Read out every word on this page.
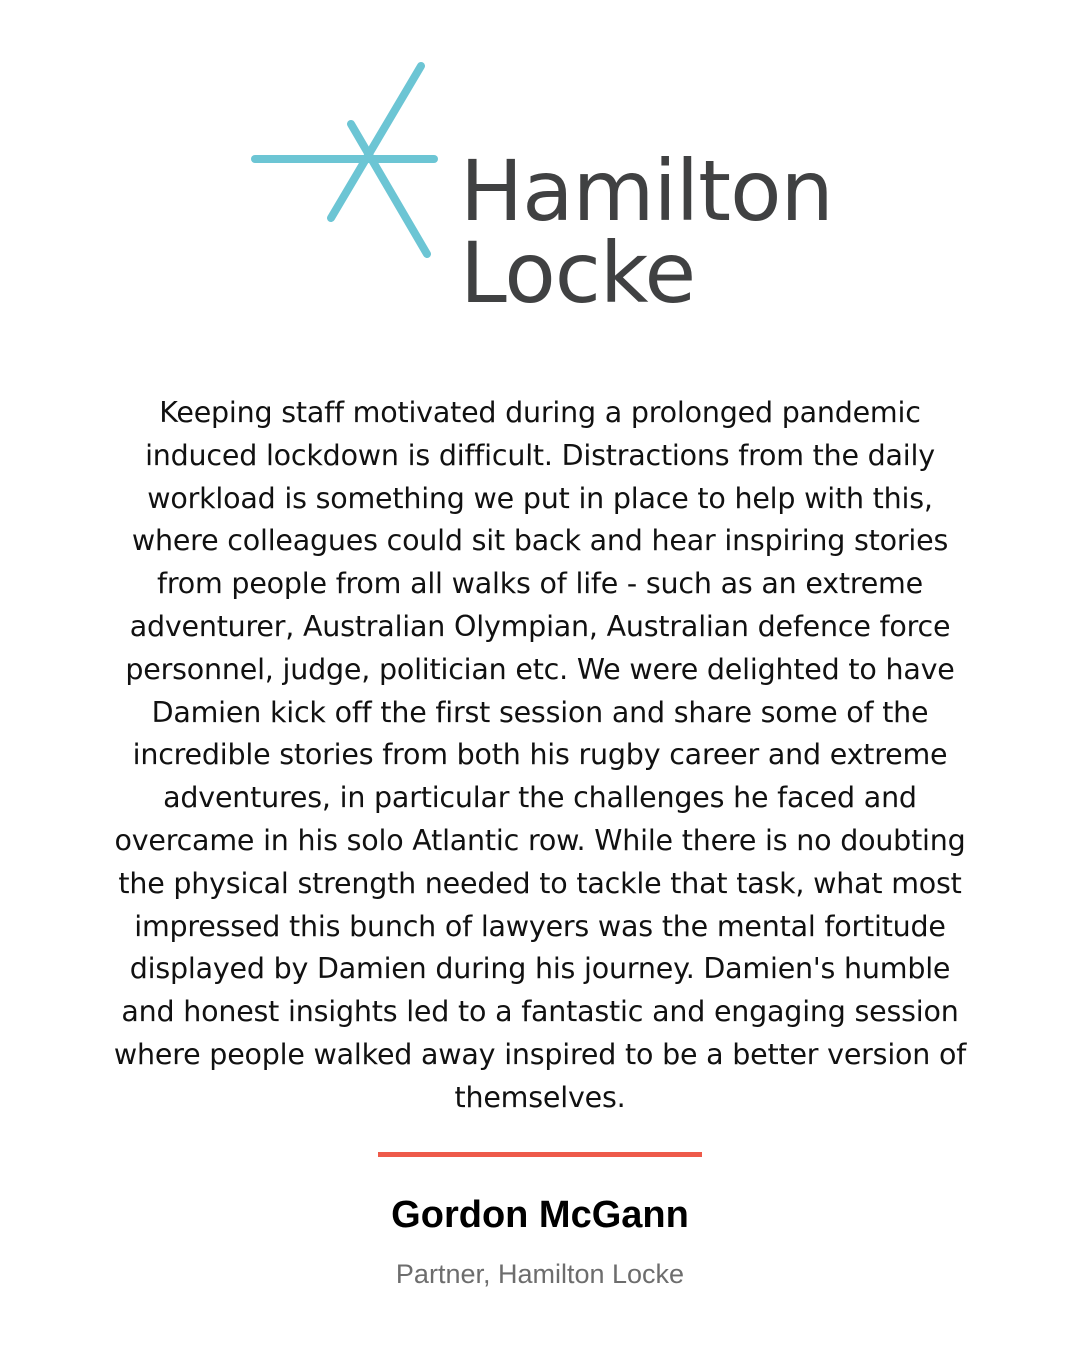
Hamilton
Locke

Keeping staff motivated during a prolonged pandemic induced lockdown is difficult. Distractions from the daily workload is something we put in place to help with this, where colleagues could sit back and hear inspiring stories from people from all walks of life - such as an extreme adventurer, Australian Olympian, Australian defence force personnel, judge, politician etc. We were delighted to have Damien kick off the first session and share some of the incredible stories from both his rugby career and extreme adventures, in particular the challenges he faced and overcame in his solo Atlantic row. While there is no doubting the physical strength needed to tackle that task, what most impressed this bunch of lawyers was the mental fortitude displayed by Damien during his journey. Damien's humble and honest insights led to a fantastic and engaging session where people walked away inspired to be a better version of themselves.

Gordon McGann
Partner, Hamilton Locke
